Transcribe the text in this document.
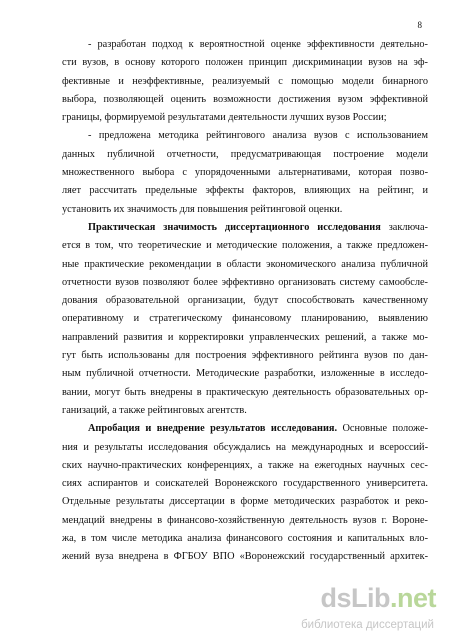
8
- разработан подход к вероятностной оценке эффективности деятельно-
сти вузов, в основу которого положен принцип дискриминации вузов на эф-
фективные и неэффективные, реализуемый с помощью модели бинарного
выбора, позволяющей оценить возможности достижения вузом эффективной
границы, формируемой результатами деятельности лучших вузов России;
- предложена методика рейтингового анализа вузов с использованием
данных публичной отчетности, предусматривающая построение модели
множественного выбора с упорядоченными альтернативами, которая позво-
ляет рассчитать предельные эффекты факторов, влияющих на рейтинг, и
установить их значимость для повышения рейтинговой оценки.
Практическая значимость диссертационного исследования заключа-
ется в том, что теоретические и методические положения, а также предложен-
ные практические рекомендации в области экономического анализа публичной
отчетности вузов позволяют более эффективно организовать систему самообсле-
дования образовательной организации, будут способствовать качественному
оперативному и стратегическому финансовому планированию, выявлению
направлений развития и корректировки управленческих решений, а также мо-
гут быть использованы для построения эффективного рейтинга вузов по дан-
ным публичной отчетности. Методические разработки, изложенные в исследо-
вании, могут быть внедрены в практическую деятельность образовательных ор-
ганизаций, а также рейтинговых агентств.
Апробация и внедрение результатов исследования. Основные положе-
ния и результаты исследования обсуждались на международных и всероссий-
ских научно-практических конференциях, а также на ежегодных научных сес-
сиях аспирантов и соискателей Воронежского государственного университета.
Отдельные результаты диссертации в форме методических разработок и реко-
мендаций внедрены в финансово-хозяйственную деятельность вузов г. Вороне-
жа, в том числе методика анализа финансового состояния и капитальных вло-
жений вуза внедрена в ФГБОУ ВПО «Воронежский государственный архитек-
dsLib.net
библиотека диссертаций
